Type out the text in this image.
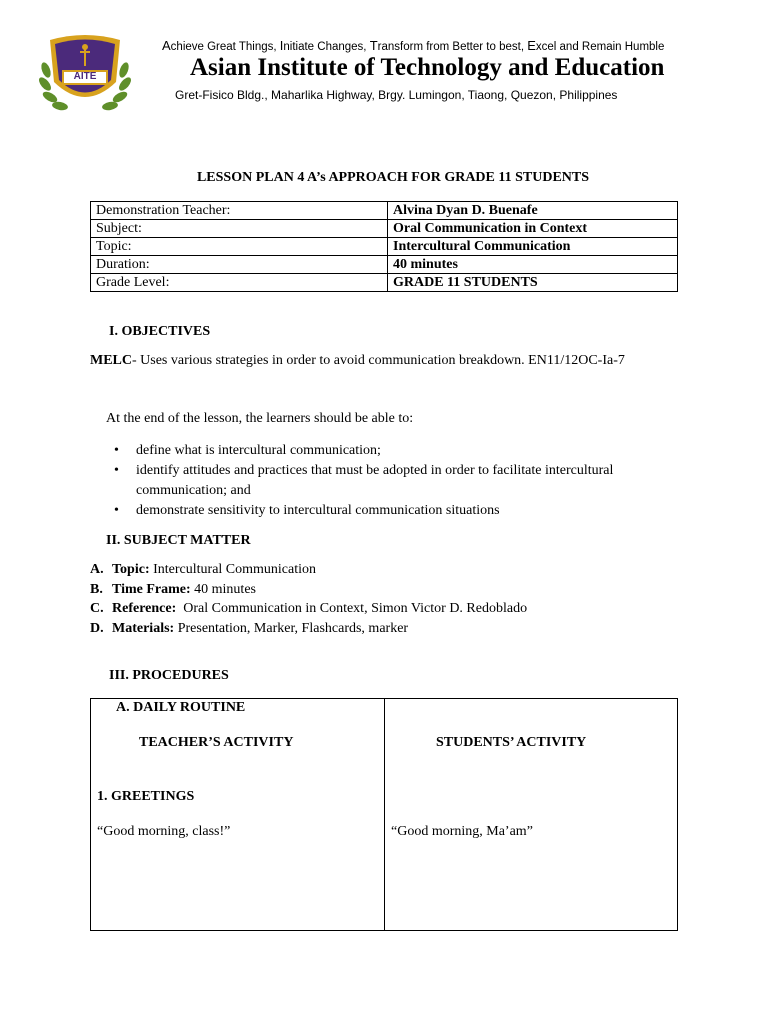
AITE
Achieve Great Things, Initiate Changes, Transform from Better to best, Excel and Remain Humble
Asian Institute of Technology and Education
Gret-Fisico Bldg., Maharlika Highway, Brgy. Lumingon, Tiaong, Quezon, Philippines
LESSON PLAN 4 A’s APPROACH FOR GRADE 11 STUDENTS
Demonstration Teacher:	Alvina Dyan D. Buenafe
Subject:	Oral Communication in Context
Topic:	Intercultural Communication
Duration:	40 minutes
Grade Level:	GRADE 11 STUDENTS
I. OBJECTIVES
MELC- Uses various strategies in order to avoid communication breakdown. EN11/12OC-Ia-7
At the end of the lesson, the learners should be able to:
• define what is intercultural communication;
• identify attitudes and practices that must be adopted in order to facilitate intercultural communication; and
• demonstrate sensitivity to intercultural communication situations
II. SUBJECT MATTER
A. Topic: Intercultural Communication
B. Time Frame: 40 minutes
C. Reference:  Oral Communication in Context, Simon Victor D. Redoblado
D. Materials: Presentation, Marker, Flashcards, marker
III. PROCEDURES
A. DAILY ROUTINE
TEACHER’S ACTIVITY	STUDENTS’ ACTIVITY
1. GREETINGS
“Good morning, class!”	“Good morning, Ma’am”
